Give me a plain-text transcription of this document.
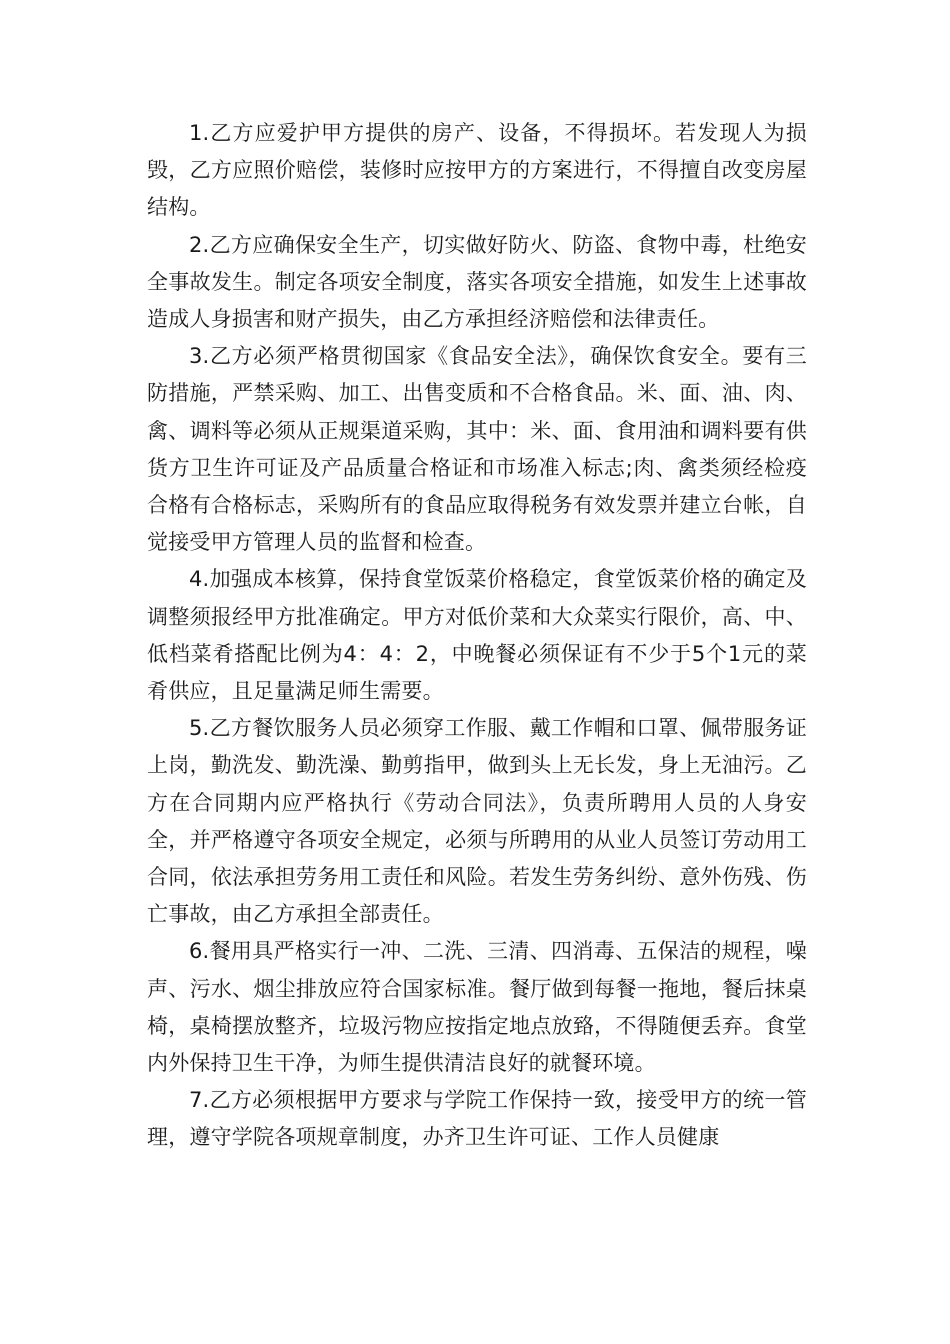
1.乙方应爱护甲方提供的房产、设备，不得损坏。若发现人为损毁，乙方应照价赔偿，装修时应按甲方的方案进行，不得擅自改变房屋结构。

2.乙方应确保安全生产，切实做好防火、防盗、食物中毒，杜绝安全事故发生。制定各项安全制度，落实各项安全措施，如发生上述事故造成人身损害和财产损失，由乙方承担经济赔偿和法律责任。

3.乙方必须严格贯彻国家《食品安全法》，确保饮食安全。要有三防措施，严禁采购、加工、出售变质和不合格食品。米、面、油、肉、禽、调料等必须从正规渠道采购，其中：米、面、食用油和调料要有供货方卫生许可证及产品质量合格证和市场准入标志;肉、禽类须经检疫合格有合格标志，采购所有的食品应取得税务有效发票并建立台帐，自觉接受甲方管理人员的监督和检查。

4.加强成本核算，保持食堂饭菜价格稳定，食堂饭菜价格的确定及调整须报经甲方批准确定。甲方对低价菜和大众菜实行限价，高、中、低档菜肴搭配比例为4：4：2，中晚餐必须保证有不少于5个1元的菜肴供应，且足量满足师生需要。

5.乙方餐饮服务人员必须穿工作服、戴工作帽和口罩、佩带服务证上岗，勤洗发、勤洗澡、勤剪指甲，做到头上无长发，身上无油污。乙方在合同期内应严格执行《劳动合同法》，负责所聘用人员的人身安全，并严格遵守各项安全规定，必须与所聘用的从业人员签订劳动用工合同，依法承担劳务用工责任和风险。若发生劳务纠纷、意外伤残、伤亡事故，由乙方承担全部责任。

6.餐用具严格实行一冲、二洗、三清、四消毒、五保洁的规程，噪声、污水、烟尘排放应符合国家标准。餐厅做到每餐一拖地，餐后抹桌椅，桌椅摆放整齐，垃圾污物应按指定地点放臵，不得随便丢弃。食堂内外保持卫生干净，为师生提供清洁良好的就餐环境。

7.乙方必须根据甲方要求与学院工作保持一致，接受甲方的统一管理，遵守学院各项规章制度，办齐卫生许可证、工作人员健康
